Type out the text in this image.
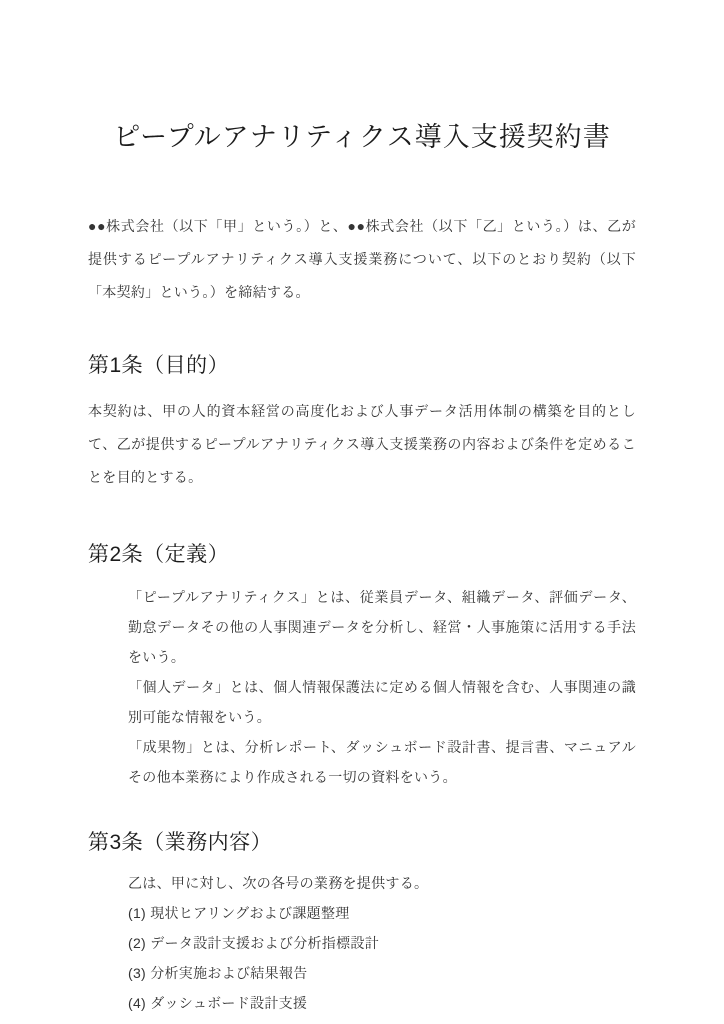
ピープルアナリティクス導入支援契約書

●●株式会社（以下「甲」という。）と、●●株式会社（以下「乙」という。）は、乙が提供するピープルアナリティクス導入支援業務について、以下のとおり契約（以下「本契約」という。）を締結する。

第1条（目的）

本契約は、甲の人的資本経営の高度化および人事データ活用体制の構築を目的として、乙が提供するピープルアナリティクス導入支援業務の内容および条件を定めることを目的とする。

第2条（定義）

「ピープルアナリティクス」とは、従業員データ、組織データ、評価データ、勤怠データその他の人事関連データを分析し、経営・人事施策に活用する手法をいう。

「個人データ」とは、個人情報保護法に定める個人情報を含む、人事関連の識別可能な情報をいう。

「成果物」とは、分析レポート、ダッシュボード設計書、提言書、マニュアルその他本業務により作成される一切の資料をいう。

第3条（業務内容）

乙は、甲に対し、次の各号の業務を提供する。

(1) 現状ヒアリングおよび課題整理

(2) データ設計支援および分析指標設計

(3) 分析実施および結果報告

(4) ダッシュボード設計支援
